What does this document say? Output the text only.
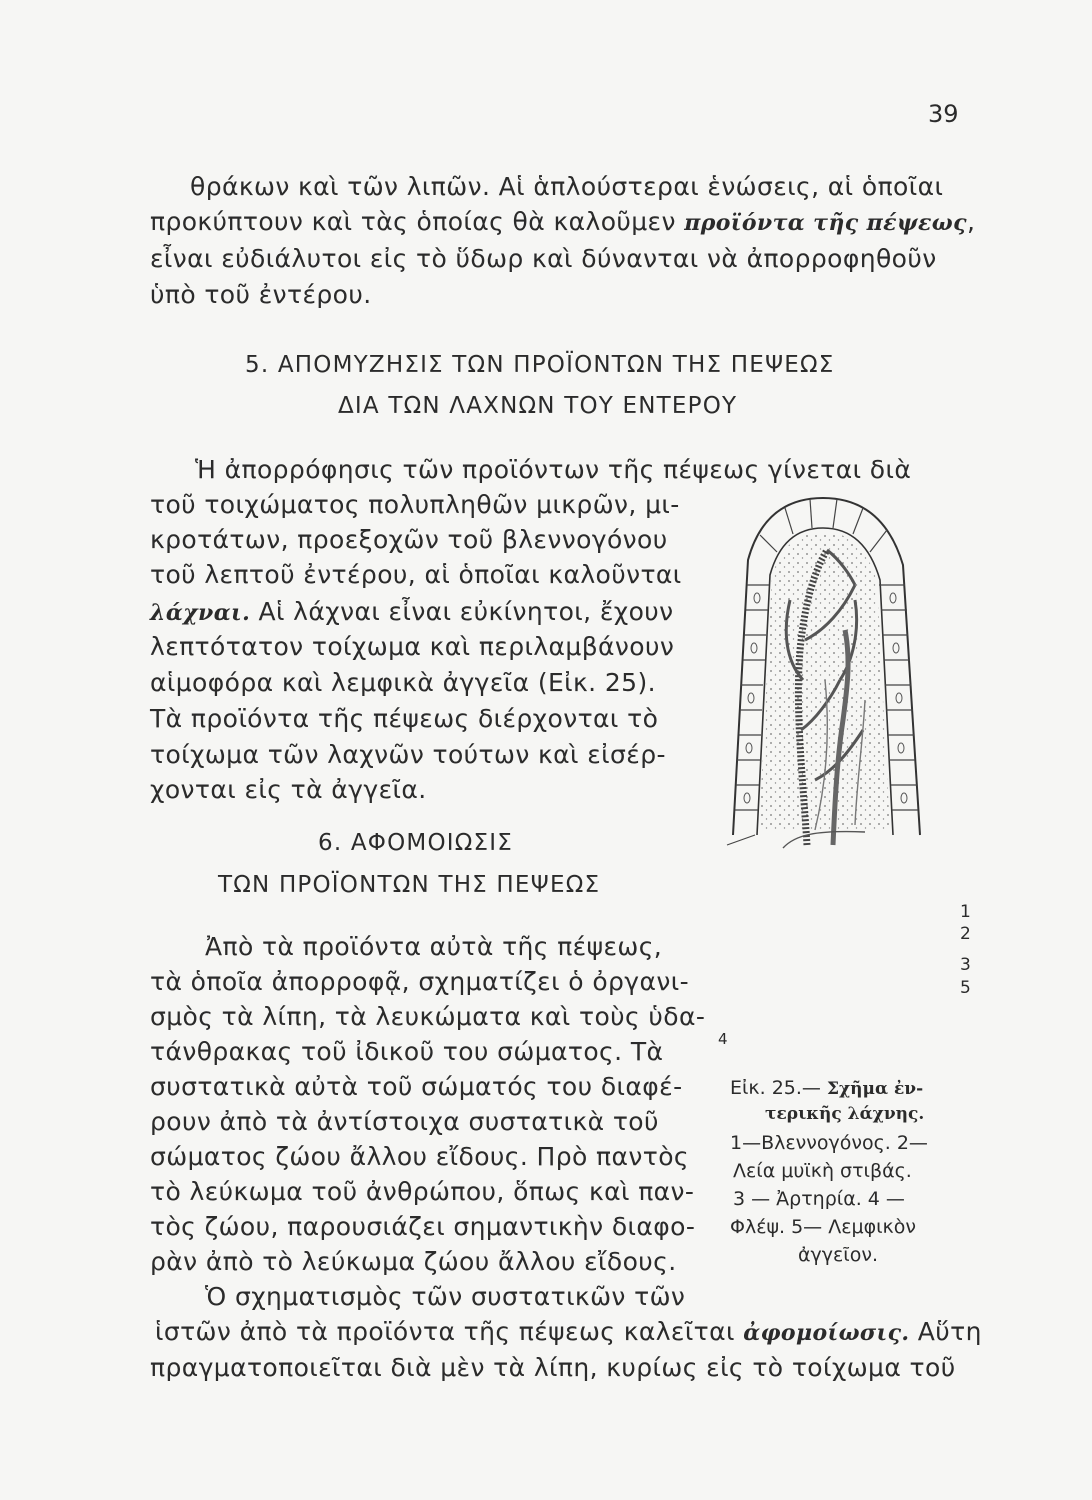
39
θράκων καὶ τῶν λιπῶν. Αἱ ἁπλούστεραι ἑνώσεις, αἱ ὁποῖαι
προκύπτουν καὶ τὰς ὁποίας θὰ καλοῦμεν προϊόντα τῆς πέψεως,
εἶναι εὐδιάλυτοι εἰς τὸ ὕδωρ καὶ δύνανται νὰ ἀπορροφηθοῦν
ὑπὸ τοῦ ἐντέρου.
5. ΑΠΟΜΥΖΗΣΙΣ ΤΩΝ ΠΡΟΪΟΝΤΩΝ ΤΗΣ ΠΕΨΕΩΣ
ΔΙΑ ΤΩΝ ΛΑΧΝΩΝ ΤΟΥ ΕΝΤΕΡΟΥ
Ἡ ἀπορρόφησις τῶν προϊόντων τῆς πέψεως γίνεται διὰ
τοῦ τοιχώματος πολυπληθῶν μικρῶν, μι-
κροτάτων, προεξοχῶν τοῦ βλεννογόνου
τοῦ λεπτοῦ ἐντέρου, αἱ ὁποῖαι καλοῦνται
λάχναι. Αἱ λάχναι εἶναι εὐκίνητοι, ἔχουν
λεπτότατον τοίχωμα καὶ περιλαμβάνουν
αἱμοφόρα καὶ λεμφικὰ ἀγγεῖα (Εἰκ. 25).
Τὰ προϊόντα τῆς πέψεως διέρχονται τὸ
τοίχωμα τῶν λαχνῶν τούτων καὶ εἰσέρ-
χονται εἰς τὰ ἀγγεῖα.
6. ΑΦΟΜΟΙΩΣΙΣ
ΤΩΝ ΠΡΟΪΟΝΤΩΝ ΤΗΣ ΠΕΨΕΩΣ
Ἀπὸ τὰ προϊόντα αὐτὰ τῆς πέψεως,
τὰ ὁποῖα ἀπορροφᾷ, σχηματίζει ὁ ὀργανι-
σμὸς τὰ λίπη, τὰ λευκώματα καὶ τοὺς ὑδα-
τάνθρακας τοῦ ἰδικοῦ του σώματος. Τὰ
συστατικὰ αὐτὰ τοῦ σώματός του διαφέ-
ρουν ἀπὸ τὰ ἀντίστοιχα συστατικὰ τοῦ
σώματος ζώου ἄλλου εἴδους. Πρὸ παντὸς
τὸ λεύκωμα τοῦ ἀνθρώπου, ὅπως καὶ παν-
τὸς ζώου, παρουσιάζει σημαντικὴν διαφο-
ρὰν ἀπὸ τὸ λεύκωμα ζώου ἄλλου εἴδους.
Ὁ σχηματισμὸς τῶν συστατικῶν τῶν
ἱστῶν ἀπὸ τὰ προϊόντα τῆς πέψεως καλεῖται ἀφομοίωσις. Αὕτη
πραγματοποιεῖται διὰ μὲν τὰ λίπη, κυρίως εἰς τὸ τοίχωμα τοῦ
1
2
3
5
4
Εἰκ. 25.— Σχῆμα ἐν-
τερικῆς λάχνης.
1—Βλεννογόνος. 2—
Λεία μυϊκὴ στιβάς.
3 — Ἀρτηρία. 4 —
Φλέψ. 5— Λεμφικὸν
ἀγγεῖον.
